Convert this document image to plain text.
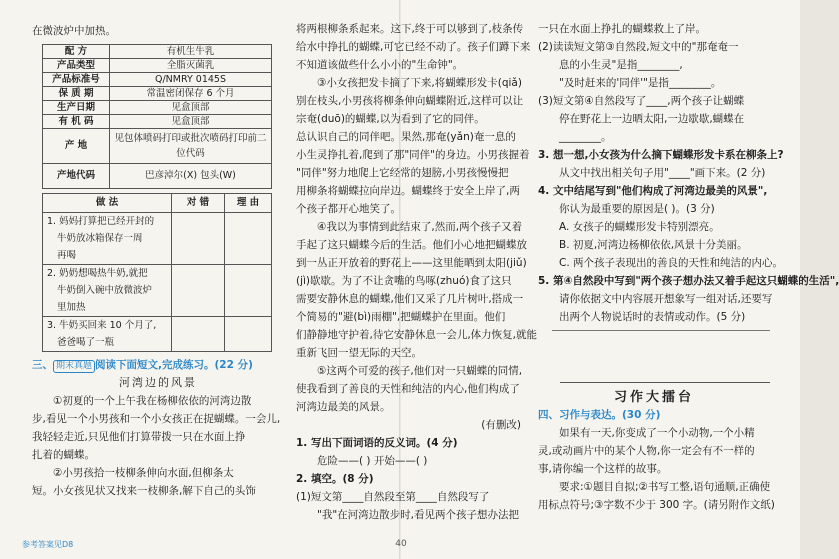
在微波炉中加热。
配 方	有机生牛乳
产品类型	全脂灭菌乳
产品标准号	Q/NMRY 0145S
保 质 期	常温密闭保存 6 个月
生产日期	见盒顶部
有 机 码	见盒顶部
产 地	见包体喷码打印或批次喷码打印前二位代码
产地代码	巴彦淖尔(X) 包头(W)
做 法	对 错	理 由

1. 妈妈打算把已经开封的
牛奶放冰箱保存一周
再喝		

2. 奶奶想喝热牛奶,就把
牛奶倒入碗中放微波炉
里加热		

3. 牛奶买回来 10 个月了,
爸爸喝了一瓶		

三、 期末真题 阅读下面短文,完成练习。(22 分)
河湾边的风景
①初夏的一个上午我在杨柳依依的河湾边散
步,看见一个小男孩和一个小女孩正在捉蝴蝶。一会儿,
我轻轻走近,只见他们打算带拨一只在水面上挣
扎着的蝴蝶。
②小男孩拾一枝柳条伸向水面,但柳条太
短。小女孩见状又找来一枝柳条,解下自己的头饰
参考答案见D8
将两根柳条系起来。这下,终于可以够到了,枝条传
给水中挣扎的蝴蝶,可它已经不动了。孩子们蹲下来
不知道该做些什么小小的"生命钟"。
③小女孩把发卡摘了下来,将蝴蝶形发卡(qiǎ)
别在枝头,小男孩将柳条伸向蝴蝶附近,这样可以让
宗奄(duō)的蝴蝶,以为看到了它的同伴。
总认识自己的同伴吧。果然,那奄(yǎn)奄一息的
小生灵挣扎着,爬到了那"同伴"的身边。小男孩握着
"同伴"努力地爬上它经常的翅膀,小男孩慢慢把
用柳条将蝴蝶拉向岸边。蝴蝶终于安全上岸了,两
个孩子都开心地笑了。
④我以为事情到此结束了,然而,两个孩子又着
手起了这只蝴蝶今后的生活。他们小心地把蝴蝶放
到一丛正开放着的野花上——这里能晒到太阳(jiǔ)
(jì)歇歇。为了不让贪嘴的鸟啄(zhuó)食了这只
需要安静休息的蝴蝶,他们又采了几片树叶,搭成一
个简易的"避(bì)雨棚",把蝴蝶护在里面。他们
们静静地守护着,待它安静休息一会儿,体力恢复,就能
重新飞回一望无际的天空。
⑤这两个可爱的孩子,他们对一只蝴蝶的同情,
使我看到了善良的天性和纯洁的内心,他们构成了
河湾边最美的风景。
(有删改)
1. 写出下面词语的反义词。(4 分)
危险——( ) 开始——( )
2. 填空。(8 分)
(1)短文第____自然段至第____自然段写了
"我"在河湾边散步时,看见两个孩子想办法把
40
一只在水面上挣扎的蝴蝶救上了岸。
(2)读读短文第③自然段,短文中的"那奄奄一
息的小生灵"是指________,
"及时赶来的'同伴'"是指________。
(3)短文第④自然段写了____,两个孩子让蝴蝶
停在野花上一边晒太阳,一边歇歇,蝴蝶在
________。
3. 想一想,小女孩为什么摘下蝴蝶形发卡系在柳条上?
从文中找出相关句子用"____"画下来。(2 分)
4. 文中结尾写到"他们构成了河湾边最美的风景",
你认为最重要的原因是( )。(3 分)
A. 女孩子的蝴蝶形发卡特别漂亮。
B. 初夏,河湾边杨柳依依,风景十分美丽。
C. 两个孩子表现出的善良的天性和纯洁的内心。
5. 第④自然段中写到"两个孩子想办法又着手起这只蝴蝶的生活",
请你依据文中内容展开想象写一组对话,还要写
出两个人物说话时的表情或动作。(5 分)
习作大擂台
四、习作与表达。(30 分)
如果有一天,你变成了一个小动物,一个小精
灵,或动画片中的某个人物,你一定会有不一样的
事,请你编一个这样的故事。
要求:①题目自拟;②书写工整,语句通顺,正确使
用标点符号;③字数不少于 300 字。(请另附作文纸)
